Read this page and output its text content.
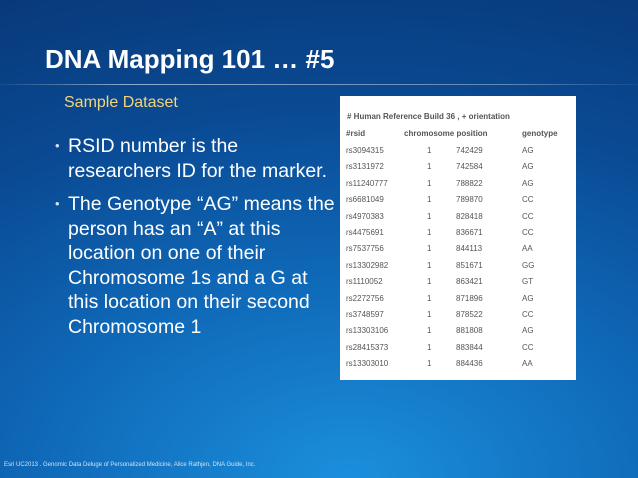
DNA Mapping 101 … #5
Sample Dataset
• RSID number is the researchers ID for the marker.
• The Genotype “AG” means the person has an “A” at this location on one of their Chromosome 1s and a G at this location on their second Chromosome 1
# Human Reference Build 36 , + orientation
#rsid	chromosome position	genotype
rs3094315	1	742429	AG
rs3131972	1	742584	AG
rs11240777	1	788822	AG
rs6681049	1	789870	CC
rs4970383	1	828418	CC
rs4475691	1	836671	CC
rs7537756	1	844113	AA
rs13302982	1	851671	GG
rs1110052	1	863421	GT
rs2272756	1	871896	AG
rs3748597	1	878522	CC
rs13303106	1	881808	AG
rs28415373	1	883844	CC
rs13303010	1	884436	AA
Esri UC2013 . Genomic Data Deluge of Personalized Medicine, Alice Rathjen, DNA Guide, Inc.
